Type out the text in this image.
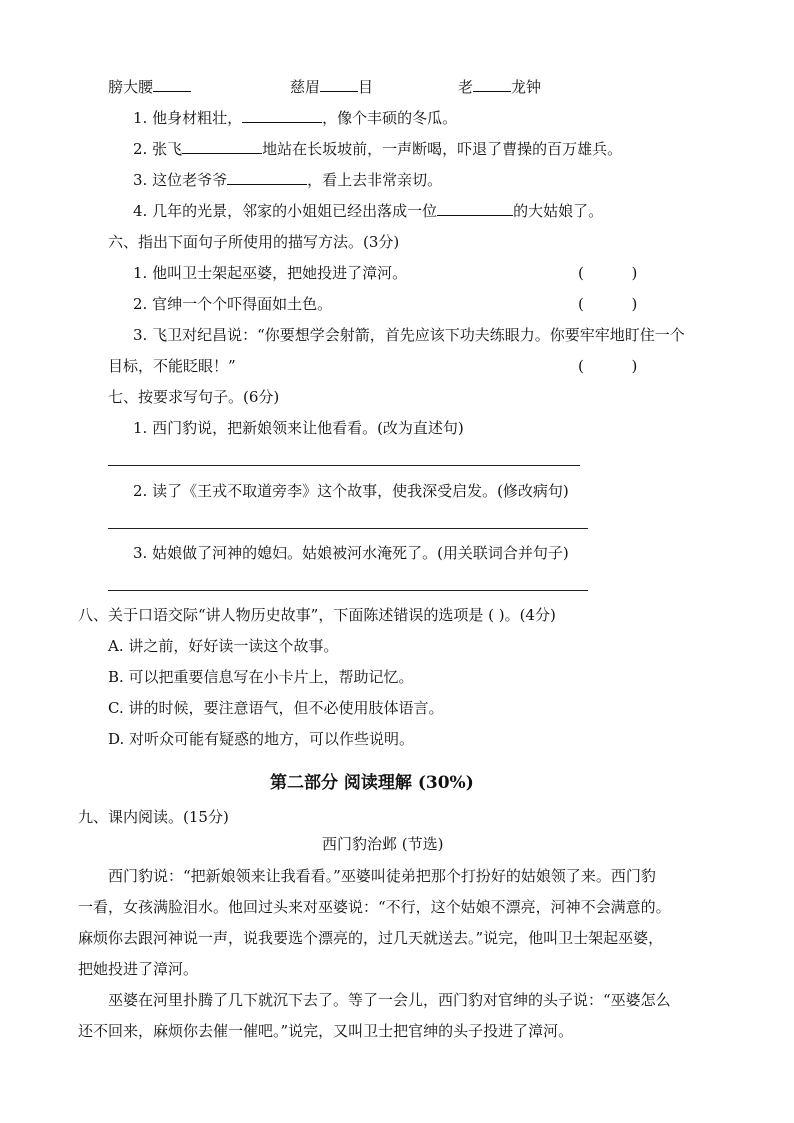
膀大腰	慈眉	目	老	龙钟
1. 他身材粗壮，	，像个丰硕的冬瓜。
2. 张飞	地站在长坂坡前，一声断喝，吓退了曹操的百万雄兵。
3. 这位老爷爷	，看上去非常亲切。
4. 几年的光景，邻家的小姐姐已经出落成一位	的大姑娘了。
六、指出下面句子所使用的描写方法。(3分)
1. 他叫卫士架起巫婆，把她投进了漳河。	(          )
2. 官绅一个个吓得面如土色。	(          )
3. 飞卫对纪昌说：“你要想学会射箭，首先应该下功夫练眼力。你要牢牢地盯住一个
目标，不能眨眼！”	(          )
七、按要求写句子。(6分)
1. 西门豹说，把新娘领来让他看看。(改为直述句)
2. 读了《王戎不取道旁李》这个故事，使我深受启发。(修改病句)
3. 姑娘做了河神的媳妇。姑娘被河水淹死了。(用关联词合并句子)
八、关于口语交际“讲人物历史故事”，下面陈述错误的选项是 ( )。(4分)
A. 讲之前，好好读一读这个故事。
B. 可以把重要信息写在小卡片上，帮助记忆。
C. 讲的时候，要注意语气，但不必使用肢体语言。
D. 对听众可能有疑惑的地方，可以作些说明。
第二部分 阅读理解 (30%)
九、课内阅读。(15分)
西门豹治邺 (节选)
　　西门豹说：“把新娘领来让我看看。”巫婆叫徒弟把那个打扮好的姑娘领了来。西门豹
一看，女孩满脸泪水。他回过头来对巫婆说：“不行，这个姑娘不漂亮，河神不会满意的。
麻烦你去跟河神说一声，说我要选个漂亮的，过几天就送去。”说完，他叫卫士架起巫婆，
把她投进了漳河。
　　巫婆在河里扑腾了几下就沉下去了。等了一会儿，西门豹对官绅的头子说：“巫婆怎么
还不回来，麻烦你去催一催吧。”说完，又叫卫士把官绅的头子投进了漳河。
